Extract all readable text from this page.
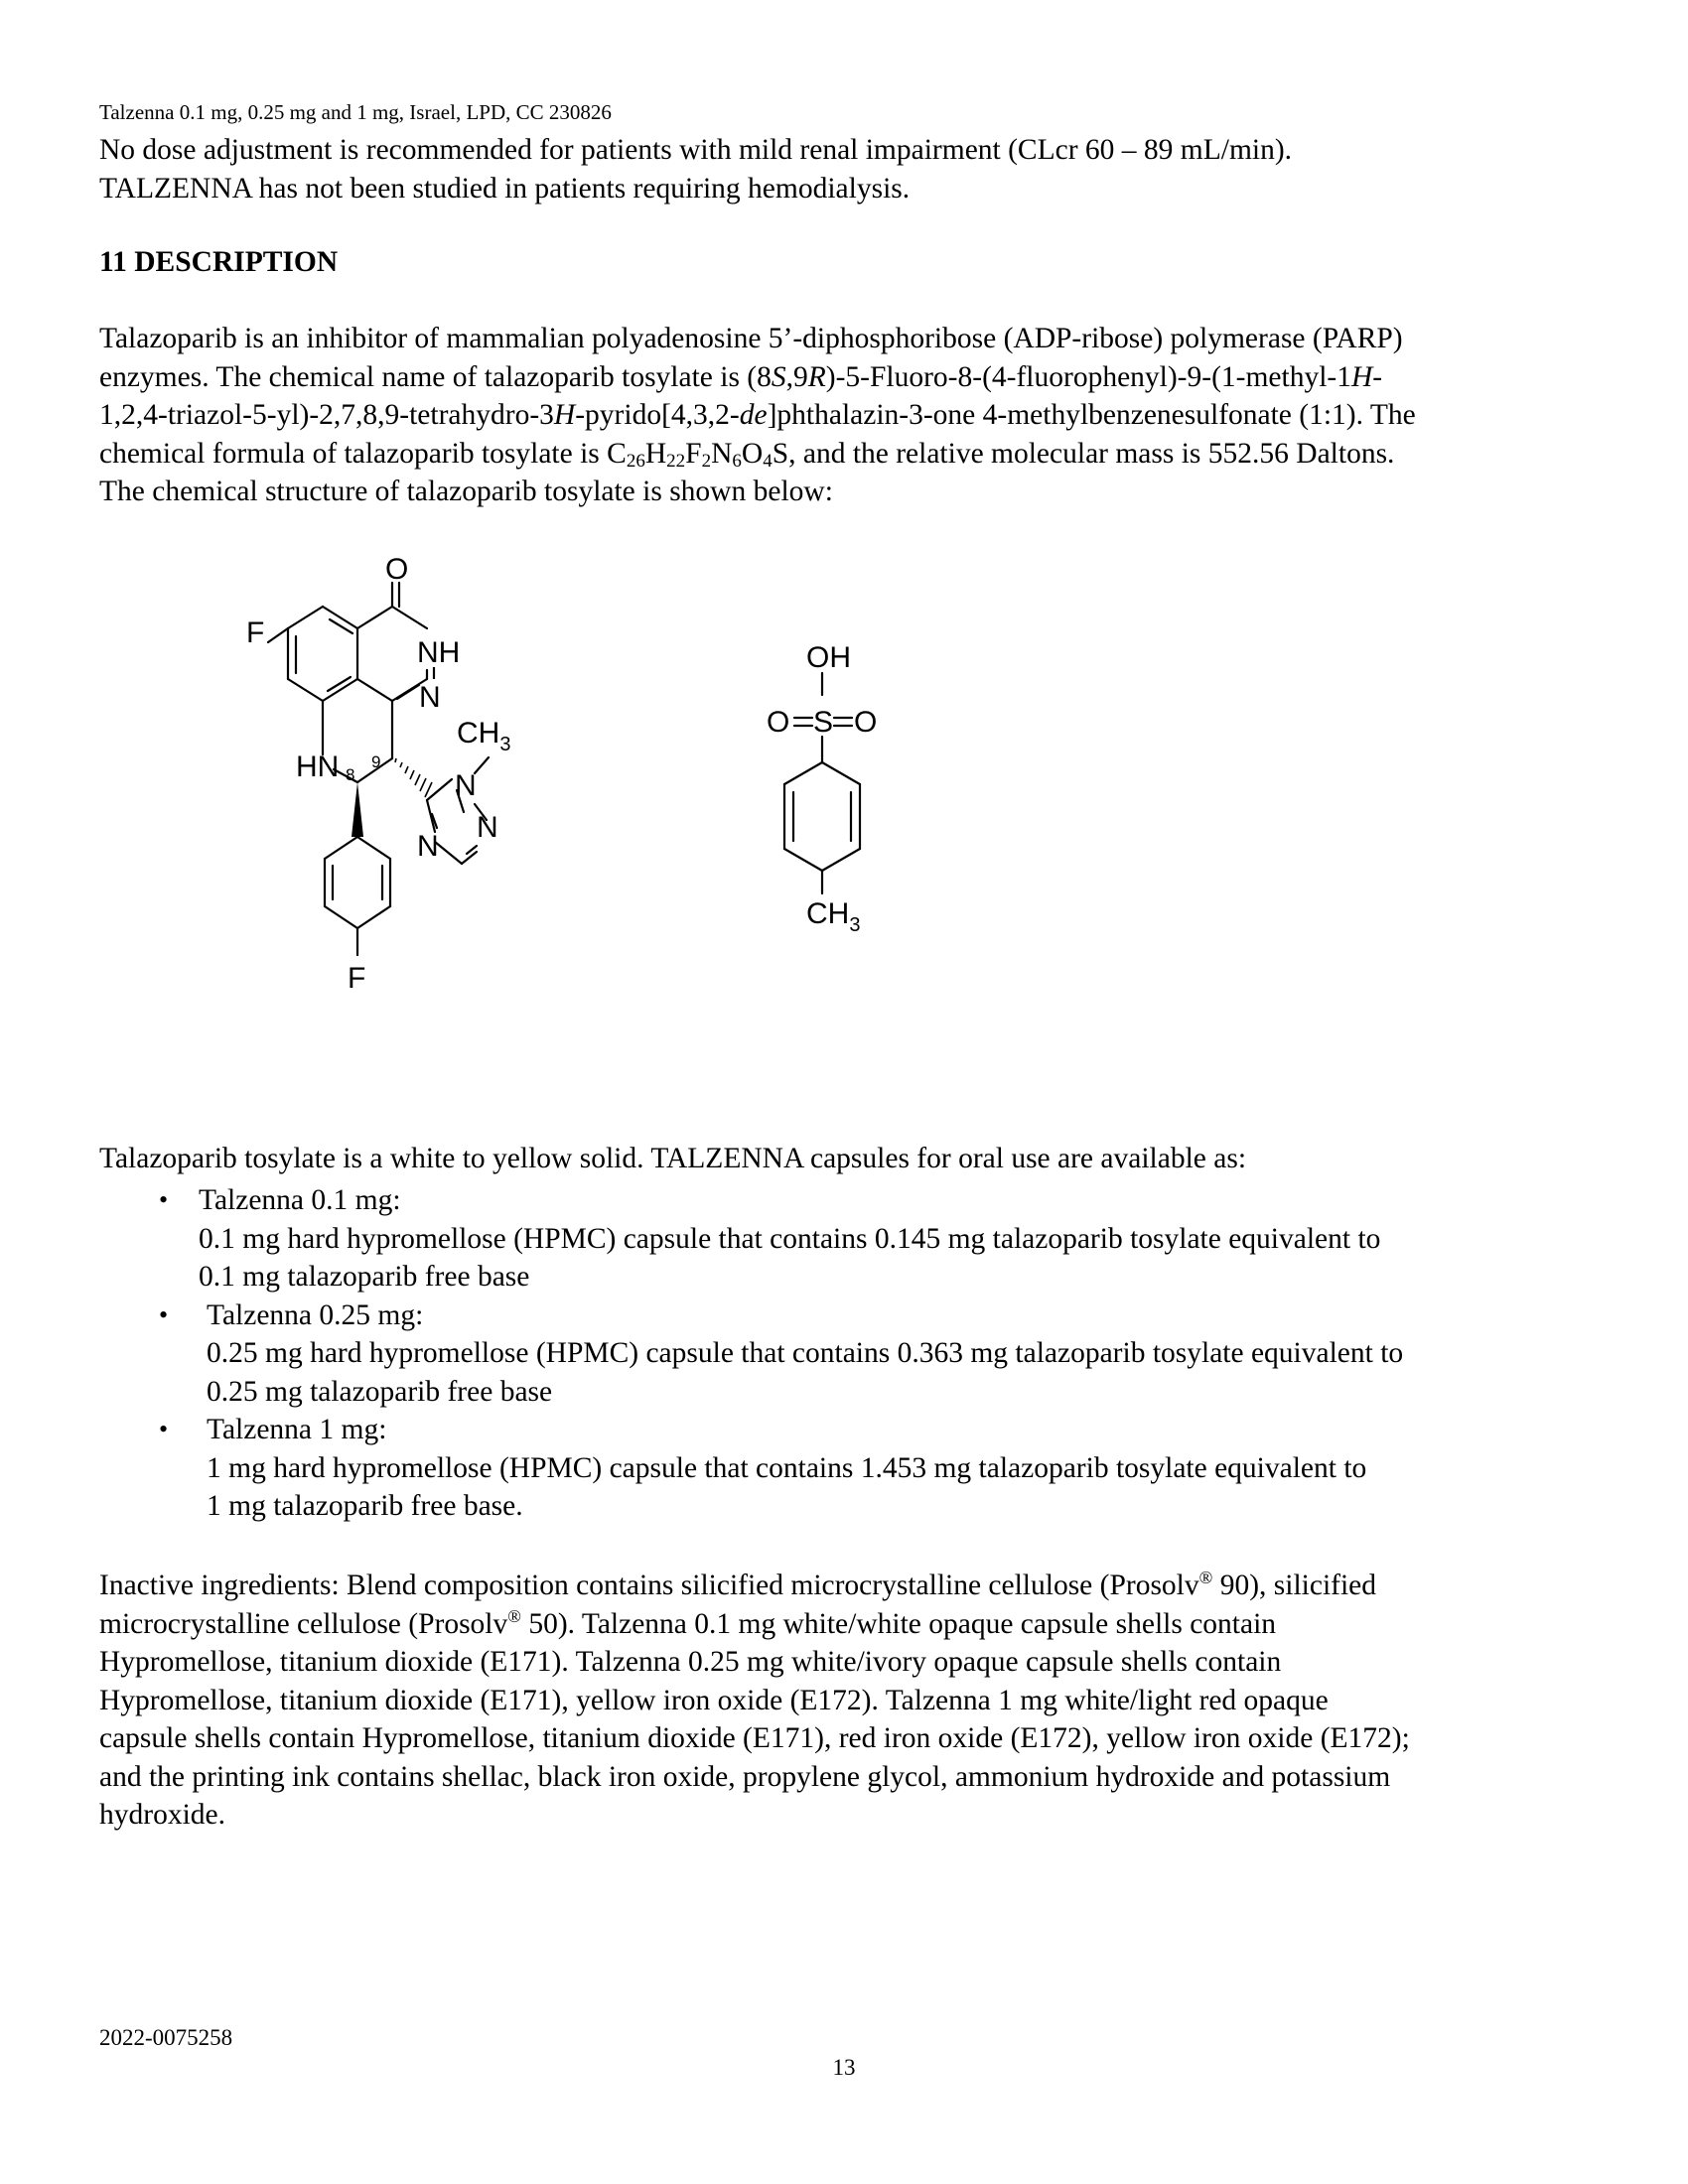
Talzenna 0.1 mg, 0.25 mg and 1 mg, Israel, LPD, CC 230826

No dose adjustment is recommended for patients with mild renal impairment (CLcr 60 – 89 mL/min).

TALZENNA has not been studied in patients requiring hemodialysis.

11 DESCRIPTION

Talazoparib is an inhibitor of mammalian polyadenosine 5’-diphosphoribose (ADP-ribose) polymerase (PARP)

enzymes. The chemical name of talazoparib tosylate is (8S,9R)-5-Fluoro-8-(4-fluorophenyl)-9-(1-methyl-1H-

1,2,4-triazol-5-yl)-2,7,8,9-tetrahydro-3H-pyrido[4,3,2-de]phthalazin-3-one 4-methylbenzenesulfonate (1:1). The

chemical formula of talazoparib tosylate is $C_{26}H_{22}F_2N_6O_4S$, and the relative molecular mass is 552.56 Daltons.

The chemical structure of talazoparib tosylate is shown below:

O
F
NH
N
$CH_3$
HN 8
9
N
N
N
F
OH
O S O
$CH_3$
Talazoparib tosylate is a white to yellow solid. TALZENNA capsules for oral use are available as:
• Talzenna 0.1 mg:

0.1 mg hard hypromellose (HPMC) capsule that contains 0.145 mg talazoparib tosylate equivalent to

0.1 mg talazoparib free base

• Talzenna 0.25 mg:

0.25 mg hard hypromellose (HPMC) capsule that contains 0.363 mg talazoparib tosylate equivalent to

0.25 mg talazoparib free base

• Talzenna 1 mg:

1 mg hard hypromellose (HPMC) capsule that contains 1.453 mg talazoparib tosylate equivalent to

1 mg talazoparib free base.

Inactive ingredients: Blend composition contains silicified microcrystalline cellulose (Prosolv® 90), silicified

microcrystalline cellulose (Prosolv® 50). Talzenna 0.1 mg white/white opaque capsule shells contain

Hypromellose, titanium dioxide (E171). Talzenna 0.25 mg white/ivory opaque capsule shells contain

Hypromellose, titanium dioxide (E171), yellow iron oxide (E172). Talzenna 1 mg white/light red opaque

capsule shells contain Hypromellose, titanium dioxide (E171), red iron oxide (E172), yellow iron oxide (E172);

and the printing ink contains shellac, black iron oxide, propylene glycol, ammonium hydroxide and potassium

hydroxide.

2022-0075258
13
